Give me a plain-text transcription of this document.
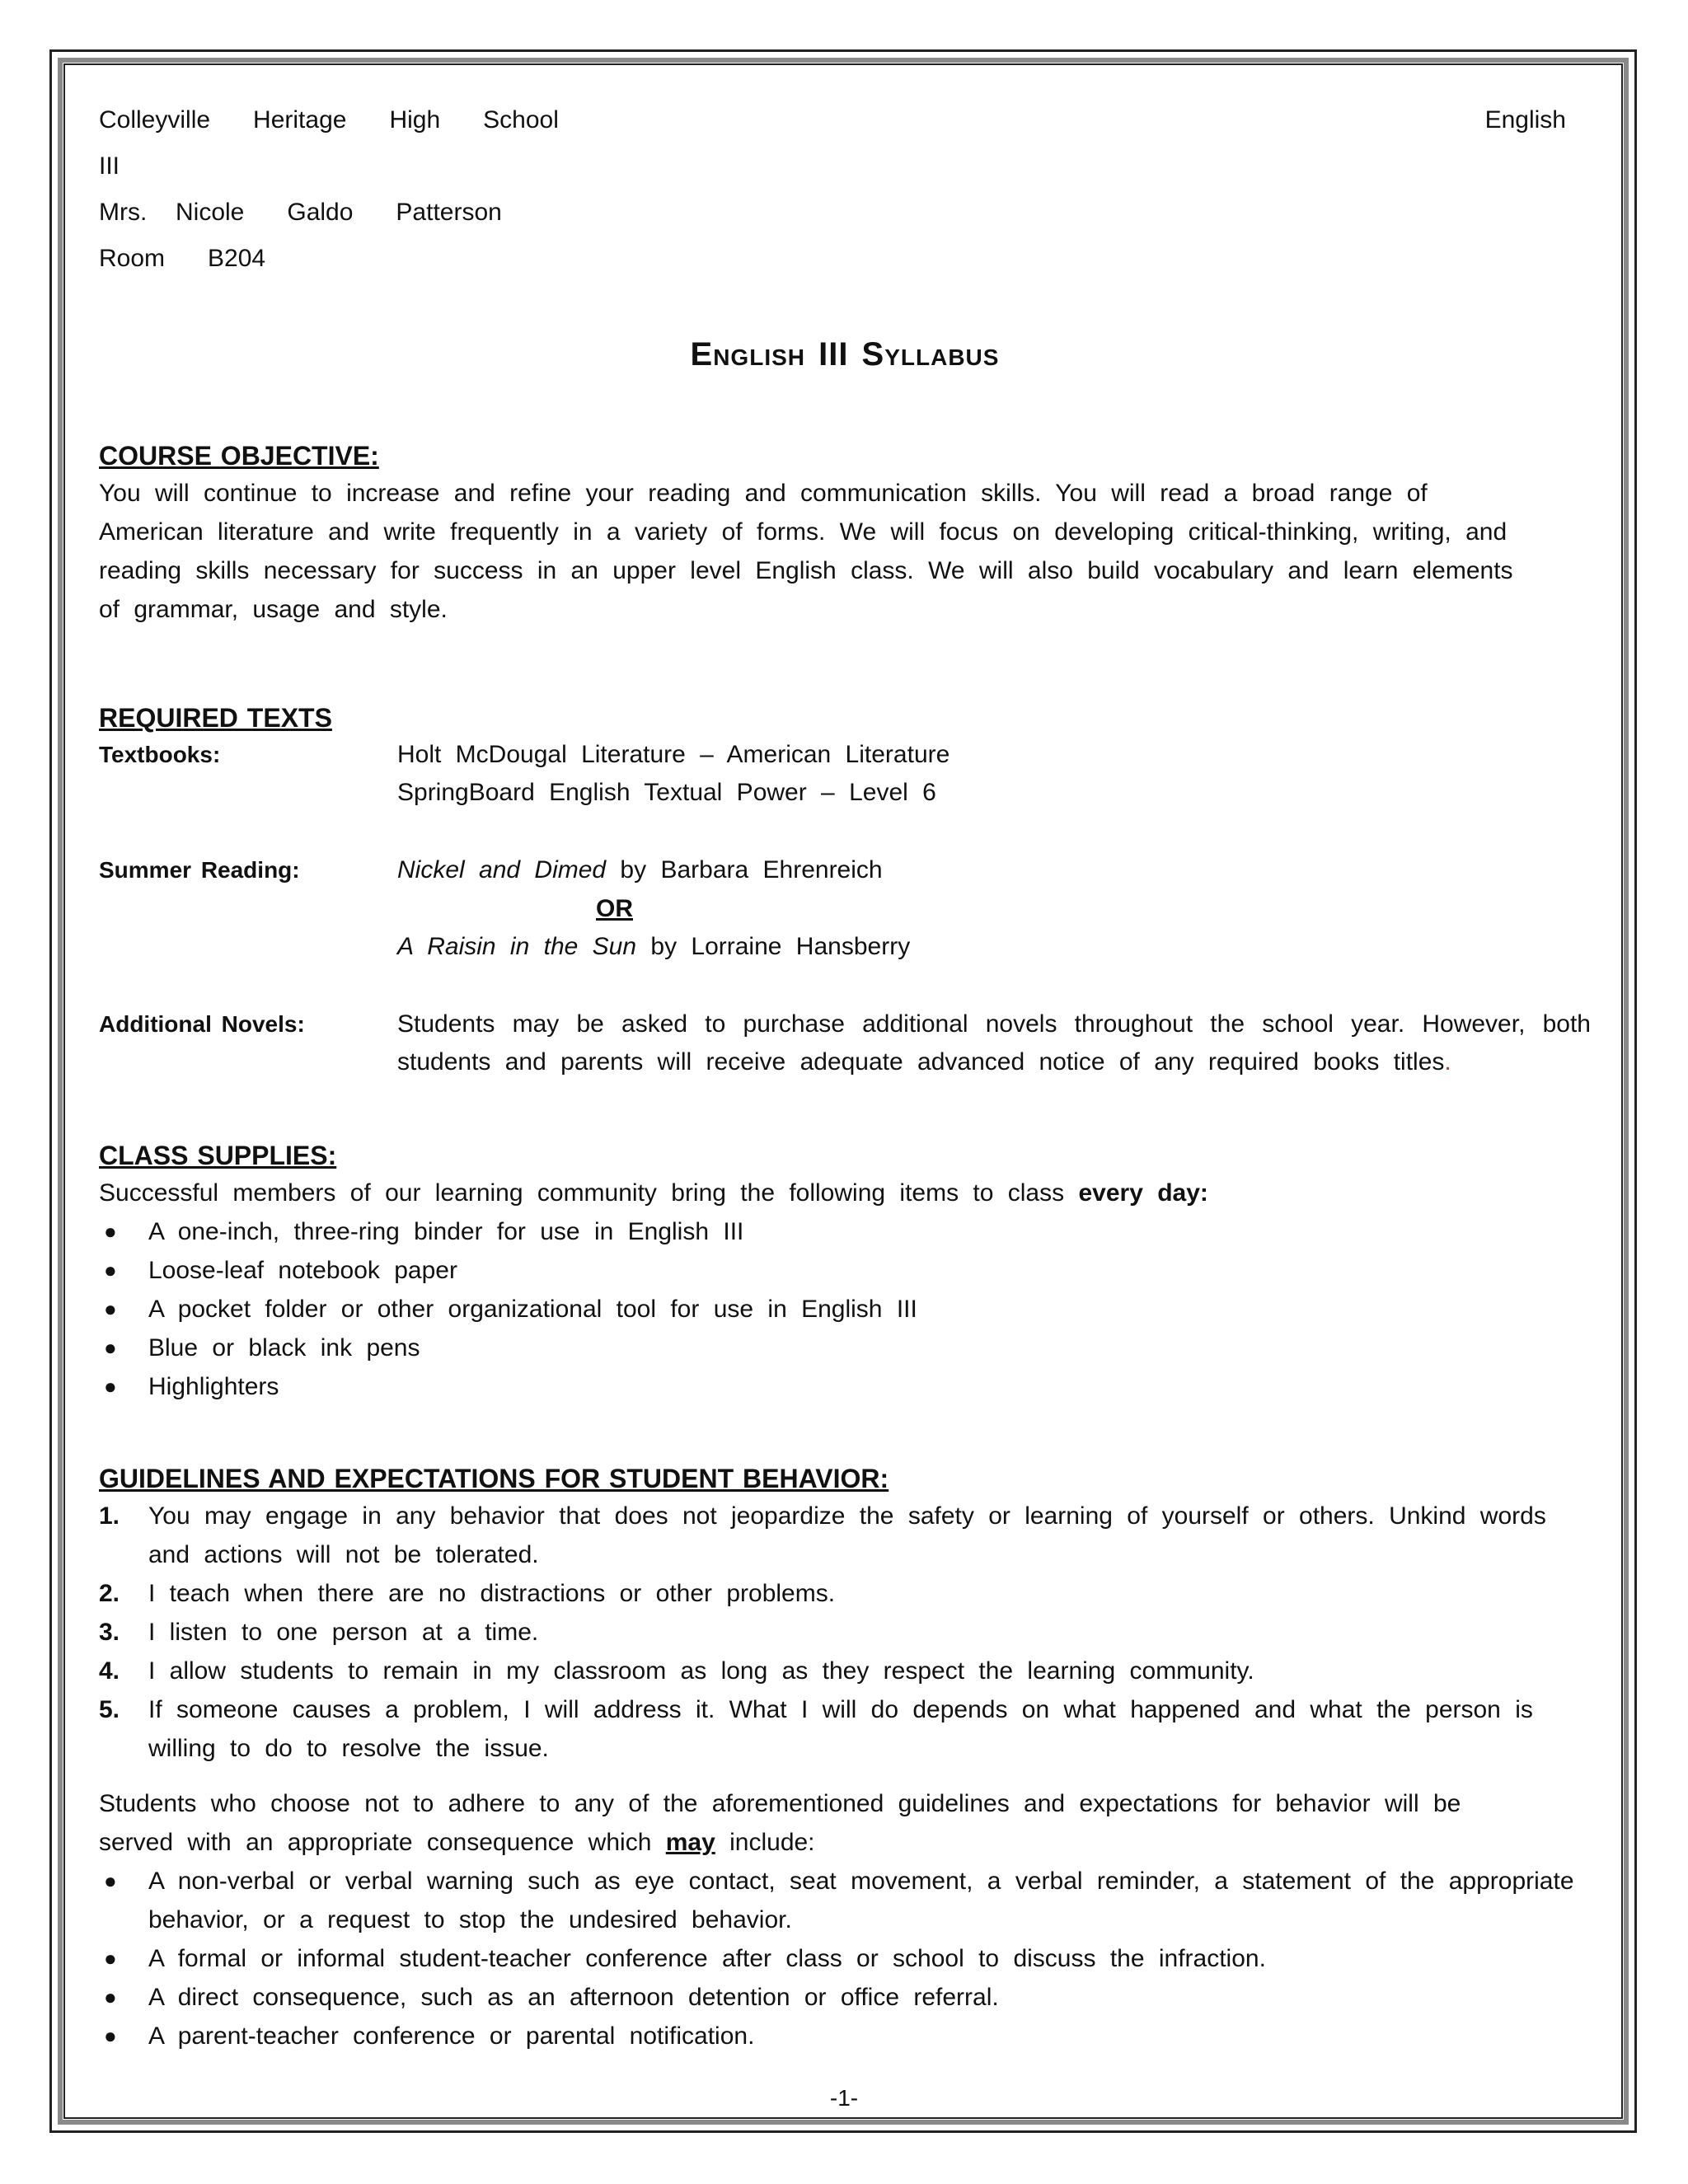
Colleyville   Heritage   High   School	English
III
Mrs.  Nicole   Galdo   Patterson
Room   B204
English III Syllabus
COURSE OBJECTIVE:
You will continue to increase and refine your reading and communication skills. You will read a broad range of
American literature and write frequently in a variety of forms. We will focus on developing critical-thinking, writing, and
reading skills necessary for success in an upper level English class. We will also build vocabulary and learn elements
of grammar, usage and style.
REQUIRED TEXTS
Textbooks:	Holt McDougal Literature – American Literature
SpringBoard English Textual Power – Level 6
Summer Reading:	Nickel and Dimed by Barbara Ehrenreich
OR
A Raisin in the Sun by Lorraine Hansberry
Additional Novels:	Students may be asked to purchase additional novels throughout the school year. However, both
students and parents will receive adequate advanced notice of any required books titles.
CLASS SUPPLIES:
Successful members of our learning community bring the following items to class every day:
● A one-inch, three-ring binder for use in English III
● Loose-leaf notebook paper
● A pocket folder or other organizational tool for use in English III
● Blue or black ink pens
● Highlighters
GUIDELINES AND EXPECTATIONS FOR STUDENT BEHAVIOR:
1. You may engage in any behavior that does not jeopardize the safety or learning of yourself or others. Unkind words and actions will not be tolerated.
2. I teach when there are no distractions or other problems.
3. I listen to one person at a time.
4. I allow students to remain in my classroom as long as they respect the learning community.
5. If someone causes a problem, I will address it. What I will do depends on what happened and what the person is willing to do to resolve the issue.
Students who choose not to adhere to any of the aforementioned guidelines and expectations for behavior will be
served with an appropriate consequence which may include:
● A non-verbal or verbal warning such as eye contact, seat movement, a verbal reminder, a statement of the appropriate behavior, or a request to stop the undesired behavior.
● A formal or informal student-teacher conference after class or school to discuss the infraction.
● A direct consequence, such as an afternoon detention or office referral.
● A parent-teacher conference or parental notification.
-1-
